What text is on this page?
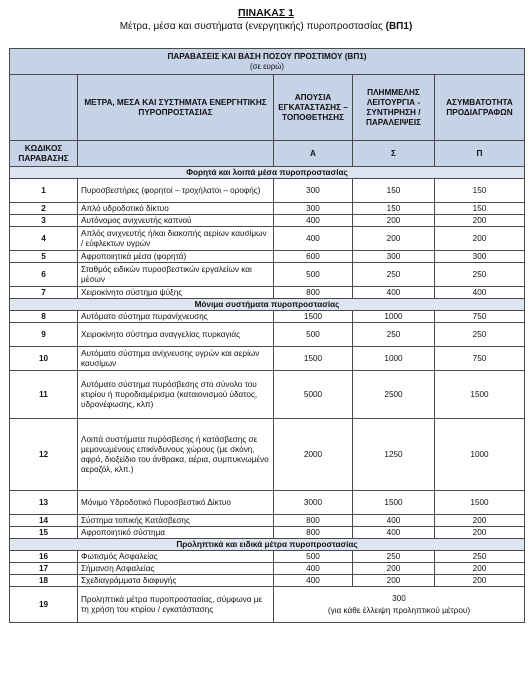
ΠΙΝΑΚΑΣ 1
Μέτρα, μέσα και συστήματα (ενεργητικής) πυροπροστασίας (ΒΠ1)
ΠΑΡΑΒΑΣΕΙΣ ΚΑΙ ΒΑΣΗ ΠΟΣΟΥ ΠΡΟΣΤΙΜΟΥ (ΒΠ1)
(σε ευρώ)				

	ΜΕΤΡΑ, ΜΕΣΑ ΚΑΙ ΣΥΣΤΗΜΑΤΑ ΕΝΕΡΓΗΤΙΚΗΣ ΠΥΡΟΠΡΟΣΤΑΣΙΑΣ	ΑΠΟΥΣΙΑ ΕΓΚΑΤΑΣΤΑΣΗΣ – ΤΟΠΟΘΕΤΗΣΗΣ	ΠΛΗΜΜΕΛΗΣ ΛΕΙΤΟΥΡΓΙΑ - ΣΥΝΤΗΡΗΣΗ / ΠΑΡΑΛΕΙΨΕΙΣ	ΑΣΥΜΒΑΤΟΤΗΤΑ ΠΡΟΔΙΑΓΡΑΦΩΝ
ΚΩΔΙΚΟΣ ΠΑΡΑΒΑΣΗΣ		Α	Σ	Π
Φορητά και λοιπά μέσα πυροπροστασίας				
1	Πυροσβεστήρες (φορητοί – τροχήλατοι – οροφής)	300	150	150
2	Απλό υδροδοτικό δίκτυο	300	150	150
3	Αυτόνομος ανιχνευτής καπνού	400	200	200
4	Απλός ανιχνευτής ή/και διακοπής αερίων καυσίμων / εύφλεκτων υγρών	400	200	200
5	Αφροποιητικά μέσα (φορητά)	600	300	300
6	Σταθμός ειδικών πυροσβεστικών εργαλείων και μέσων	500	250	250
7	Χειροκίνητο σύστημα ψύξης	800	400	400
Μόνιμα συστήματα πυροπροστασίας				
8	Αυτόματο σύστημα πυρανίχνευσης	1500	1000	750
9	Χειροκίνητο σύστημα αναγγελίας πυρκαγιάς	500	250	250
10	Αυτόματο σύστημα ανίχνευσης υγρών και αερίων καυσίμων	1500	1000	750
11	Αυτόματο σύστημα πυρόσβεσης στο σύνολο του κτιρίου ή πυροδιαμέρισμα (καταιονισμού ύδατος, υδρονέφωσης, κλπ)	5000	2500	1500
12	Λοιπά συστήματα πυρόσβεσης ή κατάσβεσης σε μεμονωμένους επικίνδυνους χώρους (με σκόνη, αφρό, διοξείδιο του άνθρακα, αέρια, συμπυκνωμένο αεροζόλ, κλπ.)	2000	1250	1000
13	Μόνιμο Υδροδοτικό Πυροσβεστικό Δίκτυο	3000	1500	1500
14	Σύστημα τοπικής Κατάσβεσης	800	400	200
15	Αφροποιητικό σύστημα	800	400	200
Προληπτικά και ειδικά μέτρα πυροπροστασίας				
16	Φωτισμός Ασφαλείας	500	250	250
17	Σήμανση Ασφαλείας	400	200	200
18	Σχεδιαγράμματα διαφυγής	400	200	200
19	Προληπτικά μέτρα πυροπροστασίας, σύμφωνα με τη χρήση του κτιρίου / εγκατάστασης	300
(για κάθε έλλειψη προληπτικού μέτρου)		
